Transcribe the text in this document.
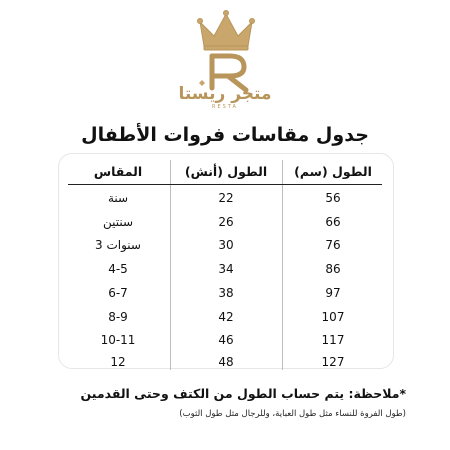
متجر ريستا
RESTA
جدول مقاسات فروات الأطفال
المقاس	الطول (أنش)	الطول (سم)
سنة	22	56
سنتين	26	66
سنوات 3	30	76
4-5	34	86
6-7	38	97
8-9	42	107
10-11	46	117
12	48	127
*ملاحظة: يتم حساب الطول من الكتف وحتى القدمين
(طول الفروة للنساء مثل طول العباية، وللرجال مثل طول الثوب)
